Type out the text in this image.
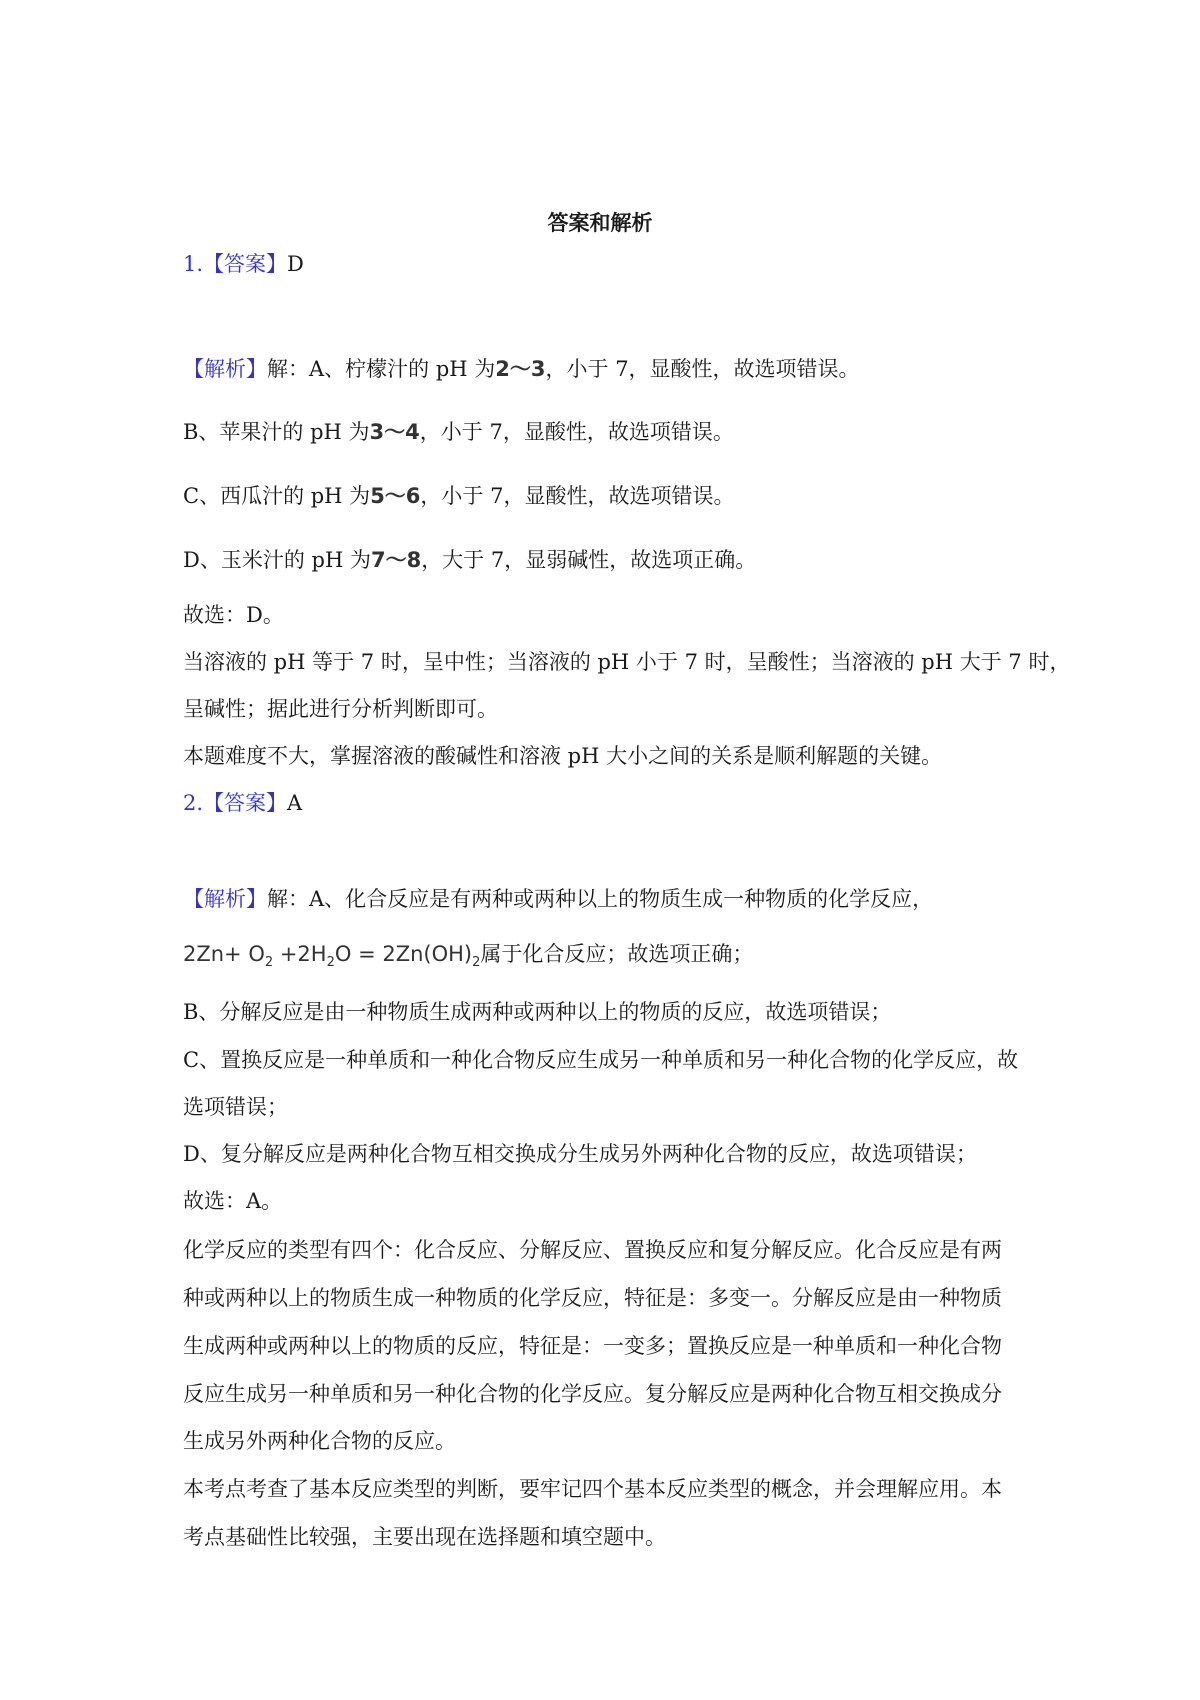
答案和解析
1.【答案】D
【解析】解：A、柠檬汁的 pH 为2～3，小于 7，显酸性，故选项错误。
B、苹果汁的 pH 为3～4，小于 7，显酸性，故选项错误。
C、西瓜汁的 pH 为5～6，小于 7，显酸性，故选项错误。
D、玉米汁的 pH 为7～8，大于 7，显弱碱性，故选项正确。
故选：D。
当溶液的 pH 等于 7 时，呈中性；当溶液的 pH 小于 7 时，呈酸性；当溶液的 pH 大于 7 时，
呈碱性；据此进行分析判断即可。
本题难度不大，掌握溶液的酸碱性和溶液 pH 大小之间的关系是顺利解题的关键。
2.【答案】A
【解析】解：A、化合反应是有两种或两种以上的物质生成一种物质的化学反应，
$2Zn+ O_2 +2H_2O = 2Zn(OH)_2$属于化合反应；故选项正确；
B、分解反应是由一种物质生成两种或两种以上的物质的反应，故选项错误；
C、置换反应是一种单质和一种化合物反应生成另一种单质和另一种化合物的化学反应，故
选项错误；
D、复分解反应是两种化合物互相交换成分生成另外两种化合物的反应，故选项错误；
故选：A。
化学反应的类型有四个：化合反应、分解反应、置换反应和复分解反应。化合反应是有两
种或两种以上的物质生成一种物质的化学反应，特征是：多变一。分解反应是由一种物质
生成两种或两种以上的物质的反应，特征是：一变多；置换反应是一种单质和一种化合物
反应生成另一种单质和另一种化合物的化学反应。复分解反应是两种化合物互相交换成分
生成另外两种化合物的反应。
本考点考查了基本反应类型的判断，要牢记四个基本反应类型的概念，并会理解应用。本
考点基础性比较强，主要出现在选择题和填空题中。
